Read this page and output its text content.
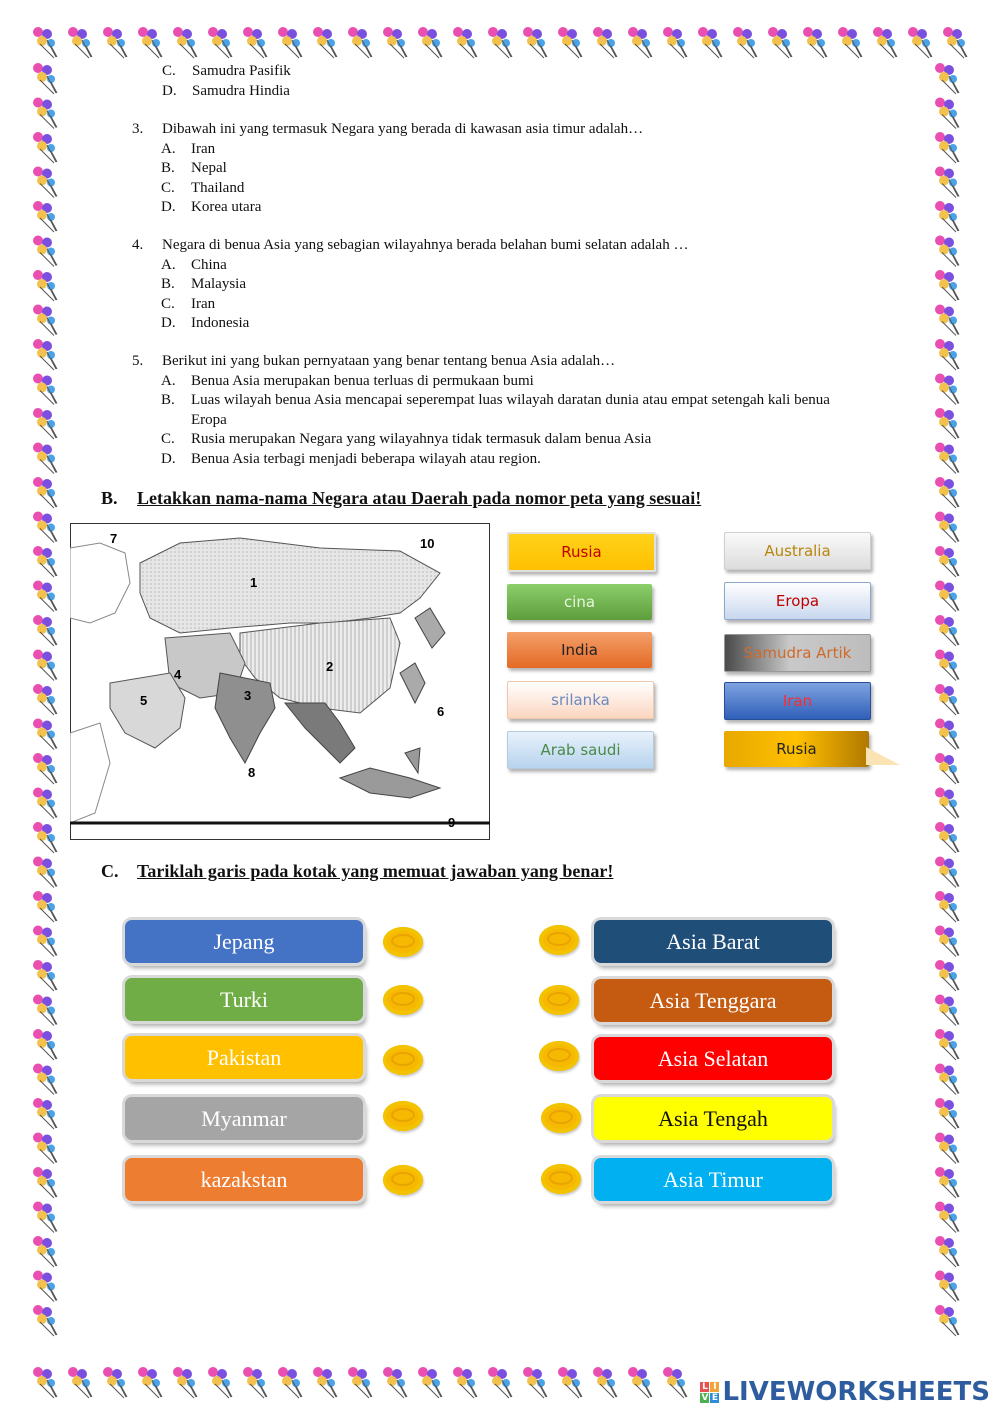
C.	Samudra Pasifik
D.	Samudra Hindia
3. Dibawah ini yang termasuk Negara yang berada di kawasan asia timur adalah…
A.	Iran
B.	Nepal
C.	Thailand
D.	Korea utara
4. Negara di benua Asia yang sebagian wilayahnya berada belahan bumi selatan adalah …
A.	China
B.	Malaysia
C.	Iran
D.	Indonesia
5. Berikut ini yang bukan pernyataan yang benar tentang benua Asia adalah…
A.	Benua Asia merupakan benua terluas di permukaan bumi
B.	Luas wilayah benua Asia mencapai seperempat luas wilayah daratan dunia atau empat setengah kali benua
Eropa
C.	Rusia merupakan Negara yang wilayahnya tidak termasuk dalam benua Asia
D.	Benua Asia terbagi menjadi beberapa wilayah atau region.
B. Letakkan nama-nama Negara atau Daerah pada nomor peta yang sesuai!
7	10
1
2
4
3
5
6
8
9
Rusia
cina
India
srilanka
Arab saudi
Australia
Eropa
Samudra Artik
Iran
Rusia
C. Tariklah garis pada kotak yang memuat jawaban yang benar!
Jepang
Turki
Pakistan
Myanmar
kazakstan
Asia Barat
Asia Tenggara
Asia Selatan
Asia Tengah
Asia Timur
L IV E LIVEWORKSHEETS
